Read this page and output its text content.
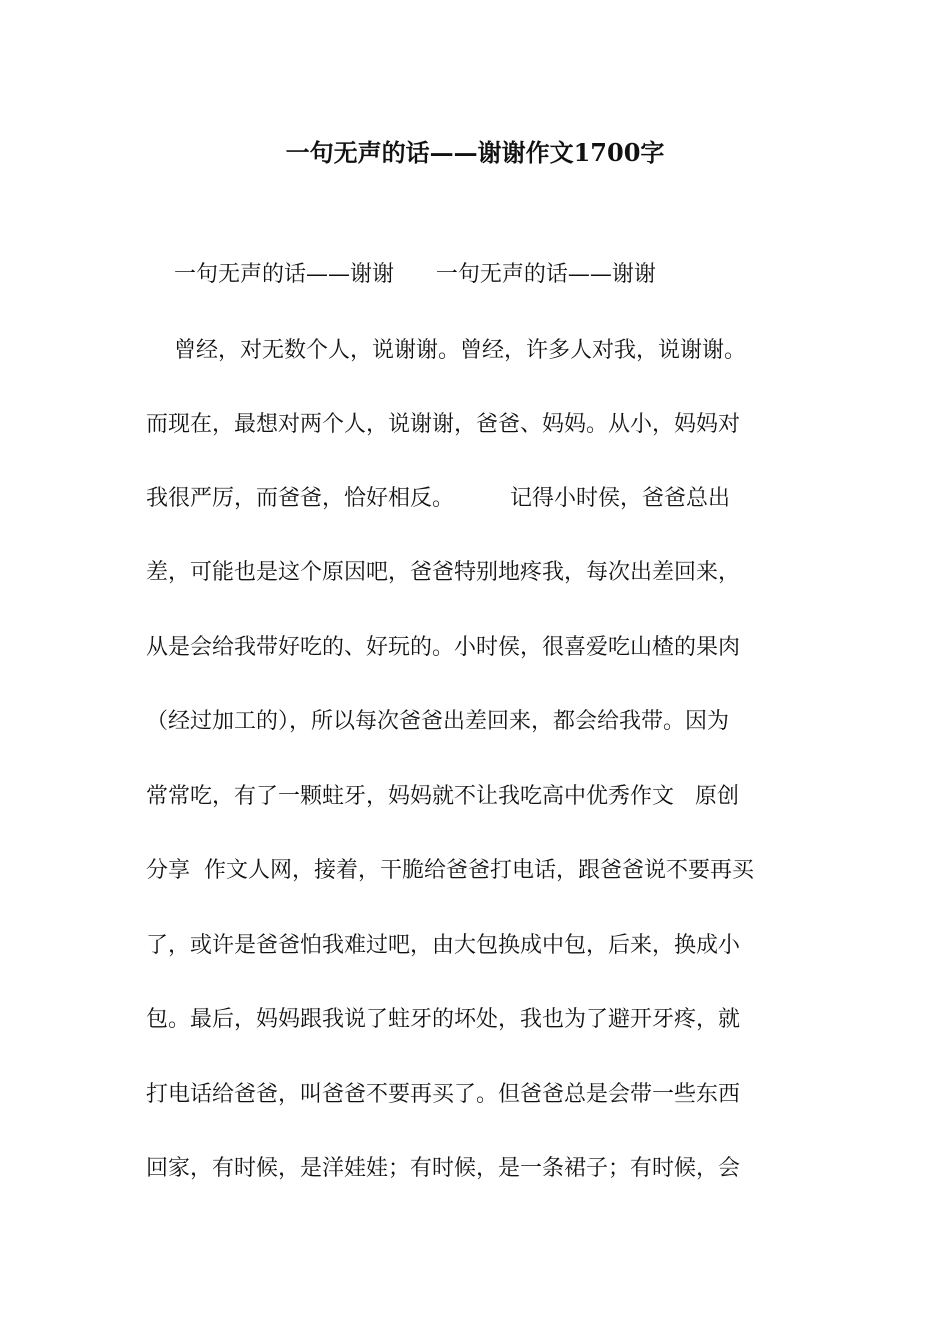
一句无声的话——谢谢作文1700字
一句无声的话——谢谢      一句无声的话——谢谢
曾经，对无数个人，说谢谢。曾经，许多人对我，说谢谢。
而现在，最想对两个人，说谢谢，爸爸、妈妈。从小，妈妈对
我很严厉，而爸爸，恰好相反。        记得小时侯，爸爸总出
差，可能也是这个原因吧，爸爸特别地疼我，每次出差回来，
从是会给我带好吃的、好玩的。小时侯，很喜爱吃山楂的果肉
（经过加工的），所以每次爸爸出差回来，都会给我带。因为
常常吃，有了一颗蛀牙，妈妈就不让我吃高中优秀作文   原创
分享  作文人网，接着，干脆给爸爸打电话，跟爸爸说不要再买
了，或许是爸爸怕我难过吧，由大包换成中包，后来，换成小
包。最后，妈妈跟我说了蛀牙的坏处，我也为了避开牙疼，就
打电话给爸爸，叫爸爸不要再买了。但爸爸总是会带一些东西
回家，有时候，是洋娃娃；有时候，是一条裙子；有时候，会
